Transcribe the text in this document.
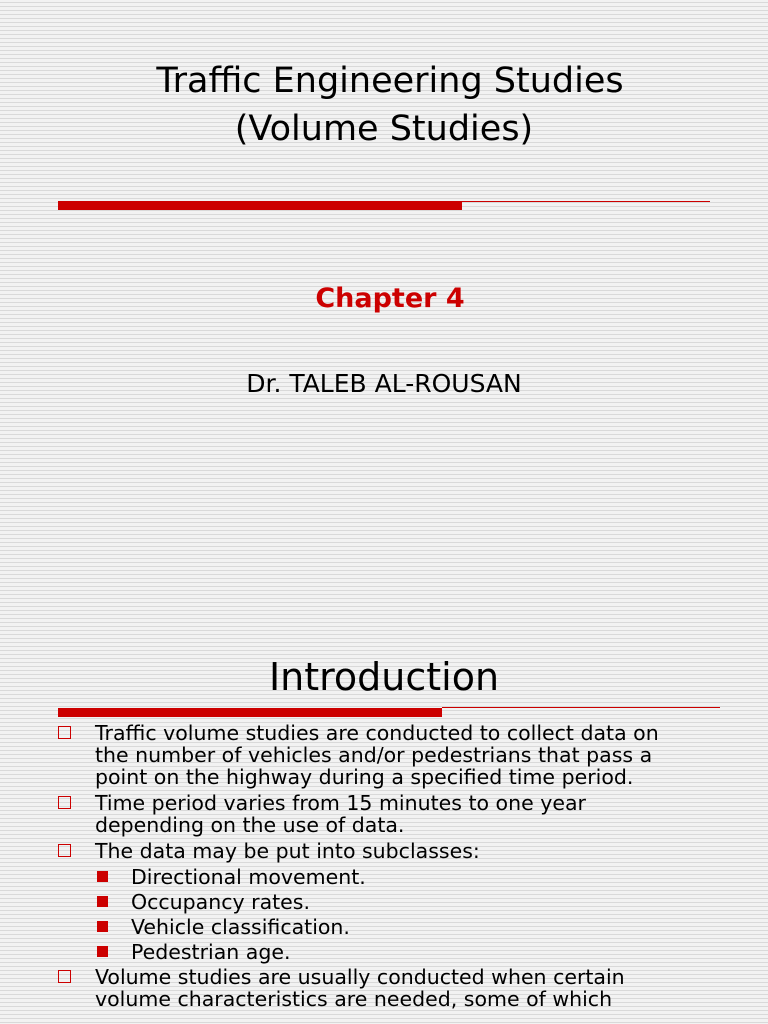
Traffic Engineering Studies
(Volume Studies)
Chapter 4
Dr. TALEB AL-ROUSAN
Introduction
Traffic volume studies are conducted to collect data on the number of vehicles and/or pedestrians that pass a point on the highway during a specified time period.
Time period varies from 15 minutes to one year depending on the use of data.
The data may be put into subclasses:
Directional movement.
Occupancy rates.
Vehicle classification.
Pedestrian age.
Volume studies are usually conducted when certain volume characteristics are needed, some of which
